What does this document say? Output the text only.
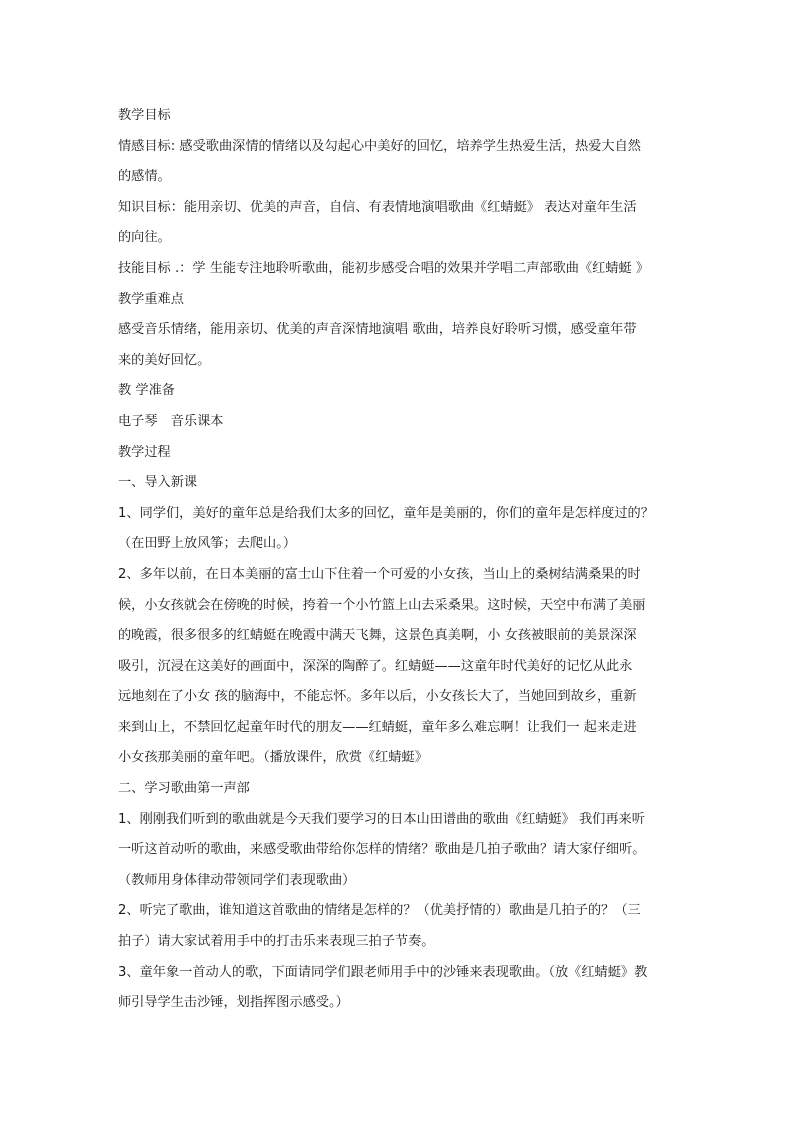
教学目标

情感目标: 感受歌曲深情的情绪以及勾起心中美好的回忆，培养学生热爱生活，热爱大自然

的感情。

知识目标：能用亲切、优美的声音，自信、有表情地演唱歌曲《红蜻蜓》 表达对童年生活

的向往。

技能目标 .：学 生能专注地聆听歌曲，能初步感受合唱的效果并学唱二声部歌曲《红蜻蜓 》

教学重难点

感受音乐情绪，能用亲切、优美的声音深情地演唱 歌曲，培养良好聆听习惯，感受童年带

来的美好回忆。

教 学准备

电子琴　音乐课本

教学过程

一、导入新课

1、同学们，美好的童年总是给我们太多的回忆，童年是美丽的，你们的童年是怎样度过的？

（在田野上放风筝；去爬山。）

2、多年以前，在日本美丽的富士山下住着一个可爱的小女孩，当山上的桑树结满桑果的时

候，小女孩就会在傍晚的时候，挎着一个小竹篮上山去采桑果。这时候，天空中布满了美丽

的晚霞，很多很多的红蜻蜓在晚霞中满天飞舞，这景色真美啊，小 女孩被眼前的美景深深

吸引，沉浸在这美好的画面中，深深的陶醉了。红蜻蜓——这童年时代美好的记忆从此永

远地刻在了小女 孩的脑海中，不能忘怀。多年以后，小女孩长大了，当她回到故乡，重新

来到山上，不禁回忆起童年时代的朋友——红蜻蜓，童年多么难忘啊！让我们一 起来走进

小女孩那美丽的童年吧。（播放课件，欣赏《红蜻蜓》

二、学习歌曲第一声部

1、刚刚我们听到的歌曲就是今天我们要学习的日本山田谱曲的歌曲《红蜻蜓》 我们再来听

一听这首动听的歌曲，来感受歌曲带给你怎样的情绪？歌曲是几拍子歌曲？请大家仔细听。

（教师用身体律动带领同学们表现歌曲）

2、听完了歌曲，谁知道这首歌曲的情绪是怎样的？（优美抒情的）歌曲是几拍子的？（三

拍子）请大家试着用手中的打击乐来表现三拍子节奏。

3、童年象一首动人的歌，下面请同学们跟老师用手中的沙锤来表现歌曲。（放《红蜻蜓》教

师引导学生击沙锤，划指挥图示感受。）
